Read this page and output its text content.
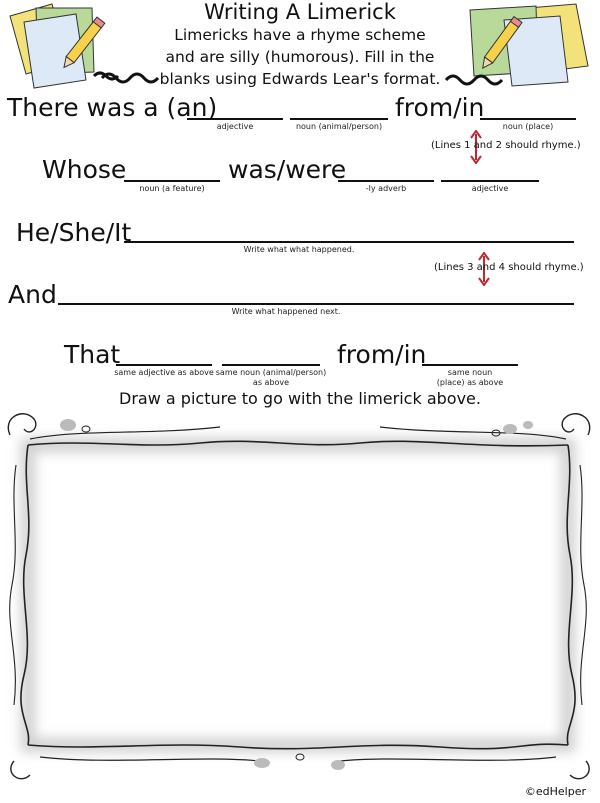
Writing A Limerick
Limericks have a rhyme scheme
and are silly (humorous). Fill in the
blanks using Edwards Lear's format.
There was a (an)	from/in
adjective	noun (animal/person)	noun (place)
(Lines 1 and 2 should rhyme.)
Whose	was/were
noun (a feature)	-ly adverb	adjective
He/She/It
Write what what happened.
(Lines 3 and 4 should rhyme.)
And
Write what happened next.
That	from/in
same adjective as above same noun (animal/person)
as above
same noun
(place) as above
Draw a picture to go with the limerick above.
©edHelper
